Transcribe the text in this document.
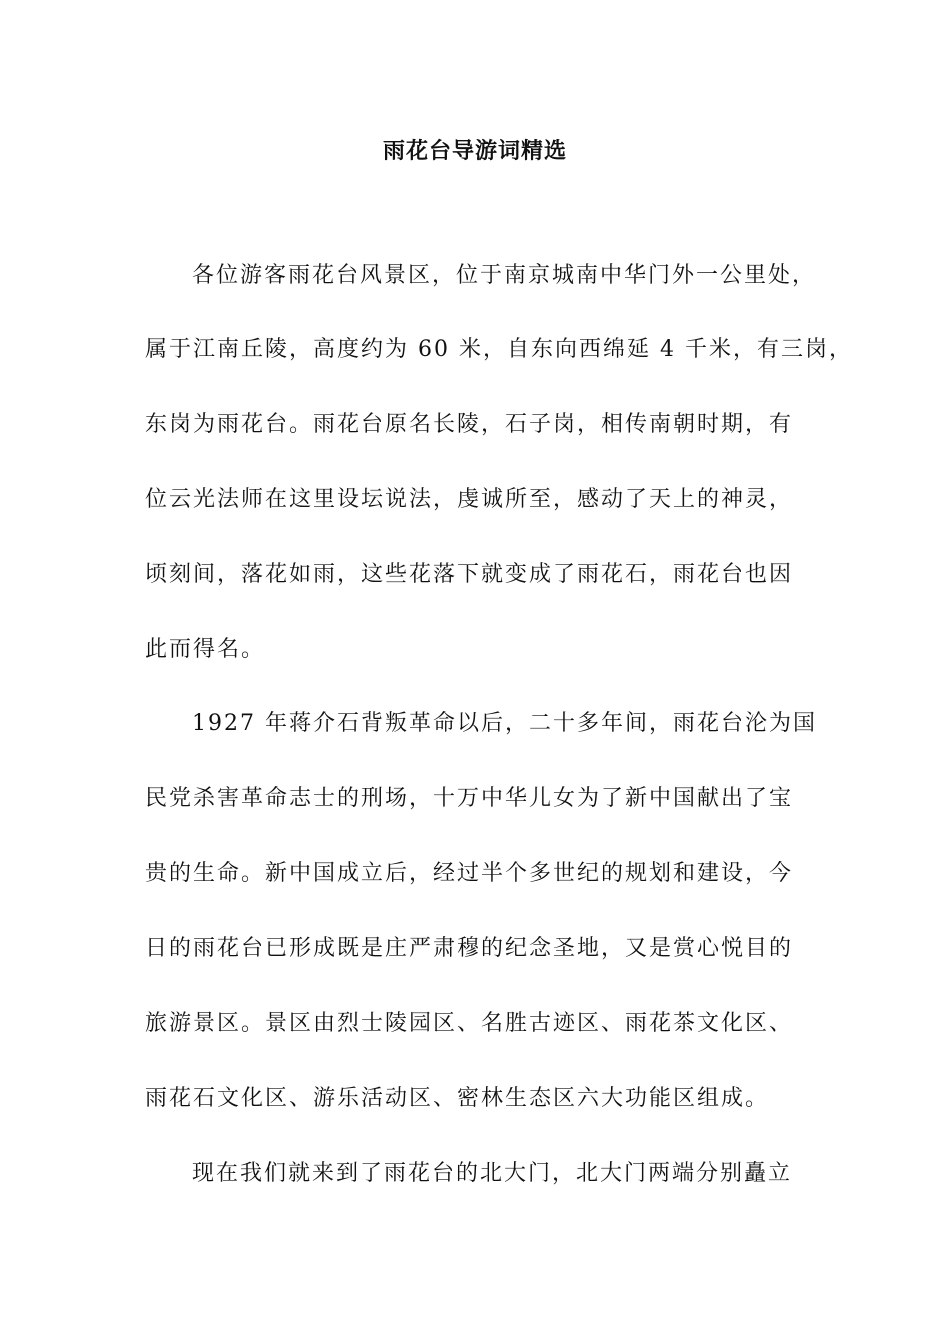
雨花台导游词精选
各位游客雨花台风景区，位于南京城南中华门外一公里处，
属于江南丘陵，高度约为 60 米，自东向西绵延 4 千米，有三岗，
东岗为雨花台。雨花台原名长陵，石子岗，相传南朝时期，有
位云光法师在这里设坛说法，虔诚所至，感动了天上的神灵，
顷刻间，落花如雨，这些花落下就变成了雨花石，雨花台也因
此而得名。
1927 年蒋介石背叛革命以后，二十多年间，雨花台沦为国
民党杀害革命志士的刑场，十万中华儿女为了新中国献出了宝
贵的生命。新中国成立后，经过半个多世纪的规划和建设，今
日的雨花台已形成既是庄严肃穆的纪念圣地，又是赏心悦目的
旅游景区。景区由烈士陵园区、名胜古迹区、雨花茶文化区、
雨花石文化区、游乐活动区、密林生态区六大功能区组成。
现在我们就来到了雨花台的北大门，北大门两端分别矗立
